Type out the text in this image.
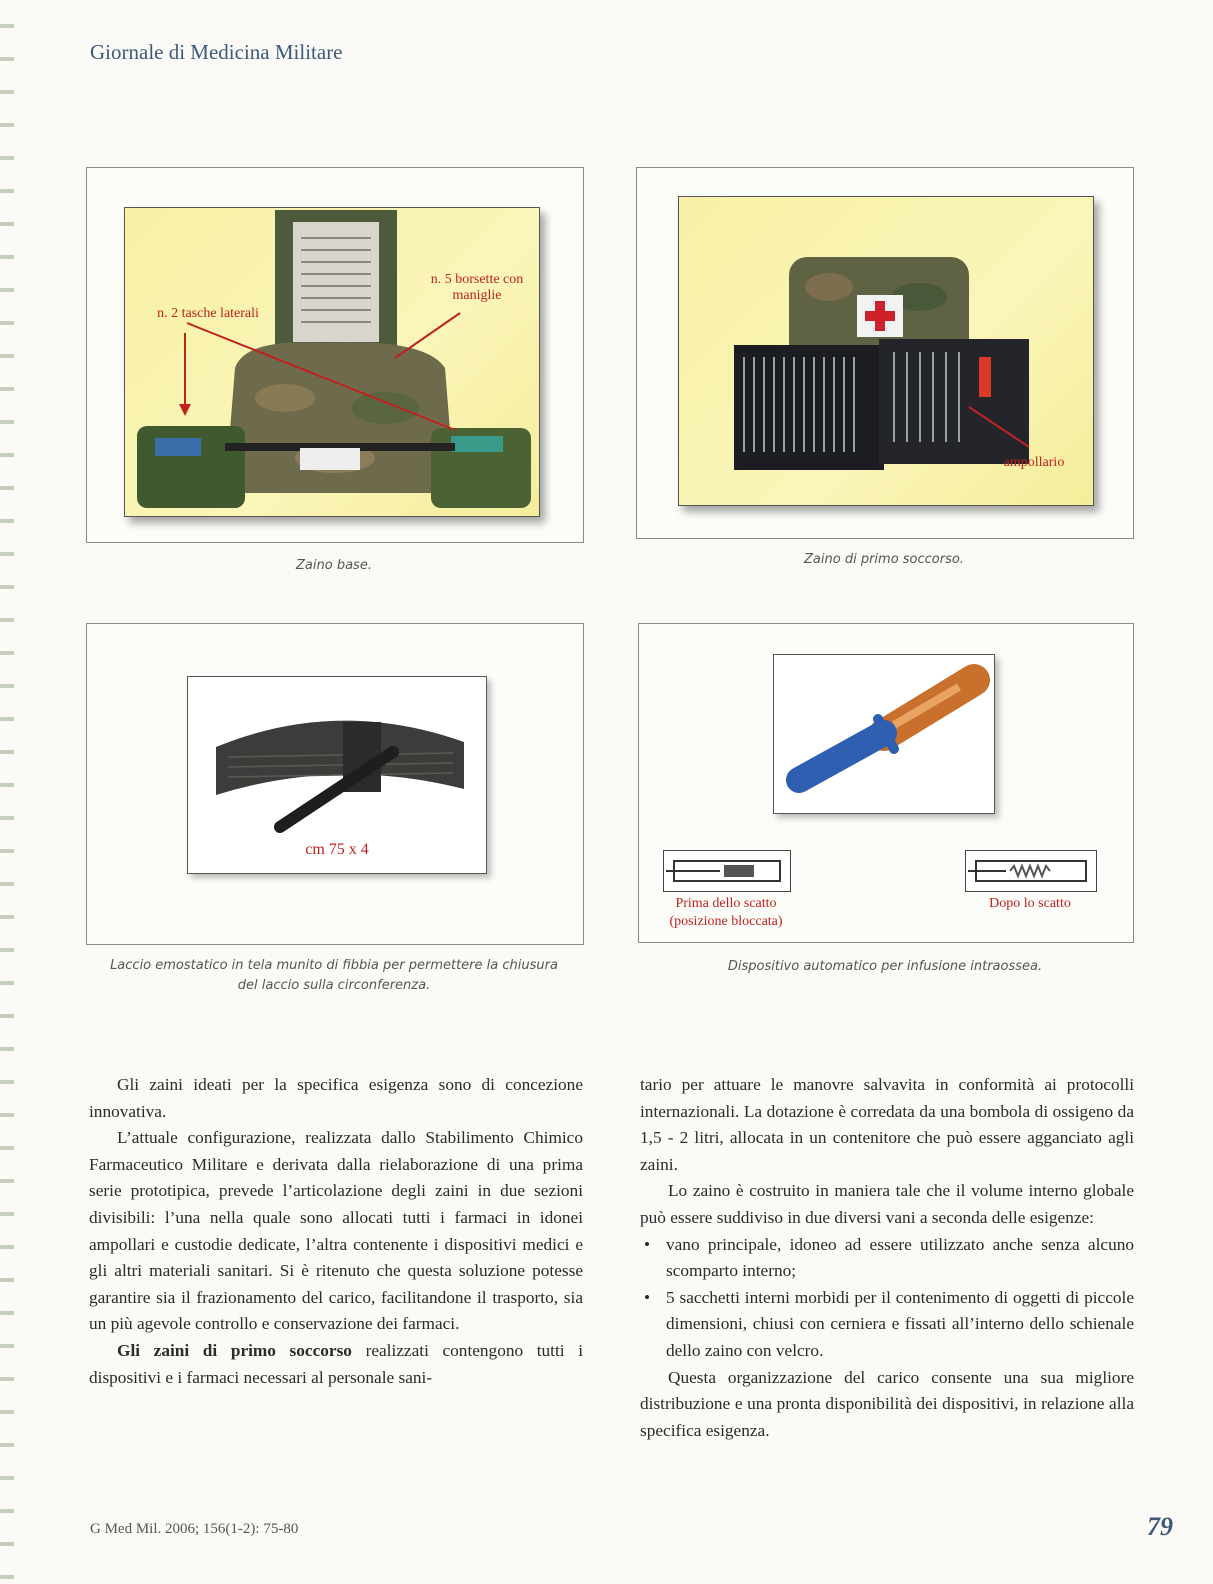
Giornale di Medicina Militare
n. 2 tasche laterali
n. 5 borsette con maniglie
Zaino base.
ampollario
Zaino di primo soccorso.
cm 75 x 4
Laccio emostatico in tela munito di fibbia per permettere la chiusura
del laccio sulla circonferenza.
Prima dello scatto
(posizione bloccata)
Dopo lo scatto
Dispositivo automatico per infusione intraossea.

Gli zaini ideati per la specifica esigenza sono di concezione innovativa.

L’attuale configurazione, realizzata dallo Stabilimento Chimico Farmaceutico Militare e derivata dalla rielaborazione di una prima serie prototipica, prevede l’articolazione degli zaini in due sezioni divisibili: l’una nella quale sono allocati tutti i farmaci in idonei ampollari e custodie dedicate, l’altra contenente i dispositivi medici e gli altri materiali sanitari. Si è ritenuto che questa soluzione potesse garantire sia il frazionamento del carico, facilitandone il trasporto, sia un più agevole controllo e conservazione dei farmaci.

Gli zaini di primo soccorso realizzati contengono tutti i dispositivi e i farmaci necessari al personale sani-

tario per attuare le manovre salvavita in conformità ai protocolli internazionali. La dotazione è corredata da una bombola di ossigeno da 1,5 - 2 litri, allocata in un contenitore che può essere agganciato agli zaini.

Lo zaino è costruito in maniera tale che il volume interno globale può essere suddiviso in due diversi vani a seconda delle esigenze:

• vano principale, idoneo ad essere utilizzato anche senza alcuno scomparto interno;
• 5 sacchetti interni morbidi per il contenimento di oggetti di piccole dimensioni, chiusi con cerniera e fissati all’interno dello schienale dello zaino con velcro.

Questa organizzazione del carico consente una sua migliore distribuzione e una pronta disponibilità dei dispositivi, in relazione alla specifica esigenza.

G Med Mil. 2006; 156(1-2): 75-80	79
